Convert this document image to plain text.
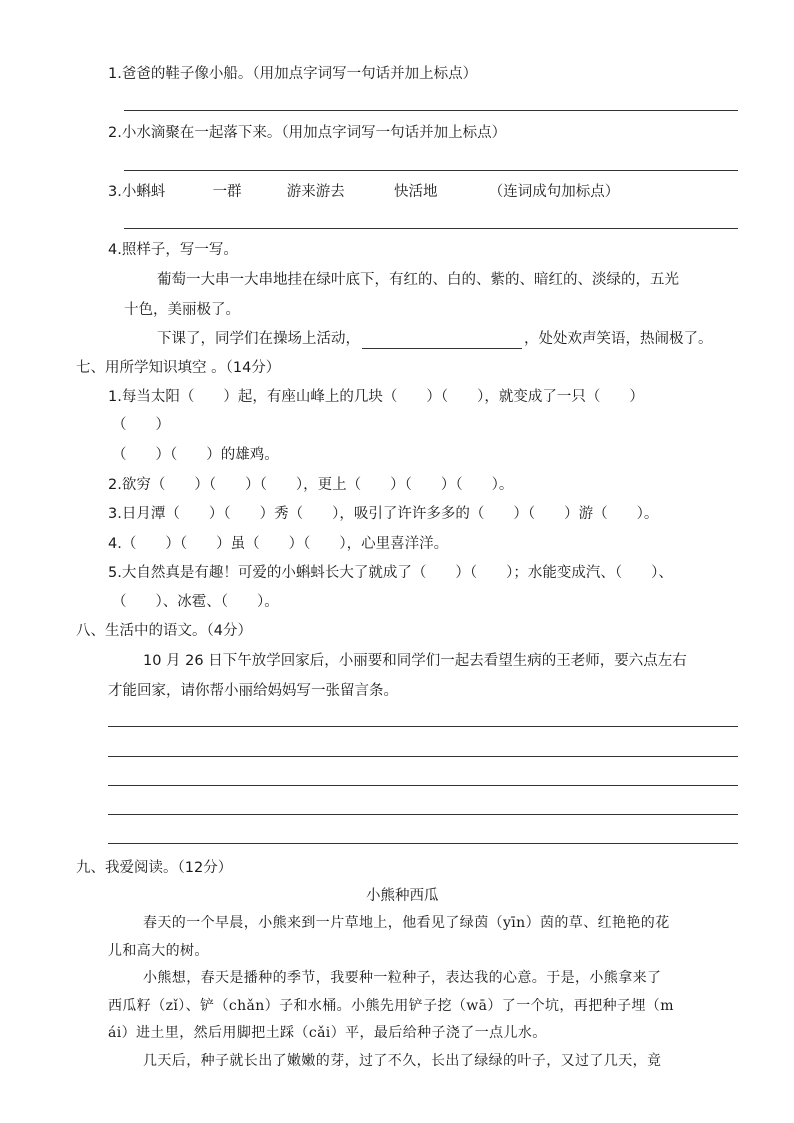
1.爸爸的鞋子像小船。（用加点字词写一句话并加上标点）
2.小水滴聚在一起落下来。（用加点字词写一句话并加上标点）
3.小蝌蚪	一群	游来游去	快活地	（连词成句加标点）
4.照样子，写一写。
葡萄一大串一大串地挂在绿叶底下，有红的、白的、紫的、暗红的、淡绿的，五光
十色，美丽极了。
下课了，同学们在操场上活动，	，处处欢声笑语，热闹极了。
七、用所学知识填空 。（14分）
1.每当太阳（　　）起，有座山峰上的几块（　　）（　　），就变成了一只（　　）
（　　）
（　　）（　　）的雄鸡。
2.欲穷（　　）（　　）（　　），更上（　　）（　　）（　　）。
3.日月潭（　　）（　　）秀（　　），吸引了许许多多的（　　）（　　）游（　　）。
4.（　　）（　　）虽（　　）（　　），心里喜洋洋。
5.大自然真是有趣！可爱的小蝌蚪长大了就成了（　　）（　　）；水能变成汽、（　　）、
（　　）、冰雹、（　　）。
八、生活中的语文。（4分）
10 月 26 日下午放学回家后，小丽要和同学们一起去看望生病的王老师，要六点左右
才能回家，请你帮小丽给妈妈写一张留言条。
九、我爱阅读。（12分）
小熊种西瓜
春天的一个早晨，小熊来到一片草地上，他看见了绿茵（yīn）茵的草、红艳艳的花
儿和高大的树。
小熊想，春天是播种的季节，我要种一粒种子，表达我的心意。于是，小熊拿来了
西瓜籽（zǐ）、铲（chǎn）子和水桶。小熊先用铲子挖（wā）了一个坑，再把种子埋（m
ái）进土里，然后用脚把土踩（cǎi）平，最后给种子浇了一点儿水。
几天后，种子就长出了嫩嫩的芽，过了不久，长出了绿绿的叶子，又过了几天，竟
